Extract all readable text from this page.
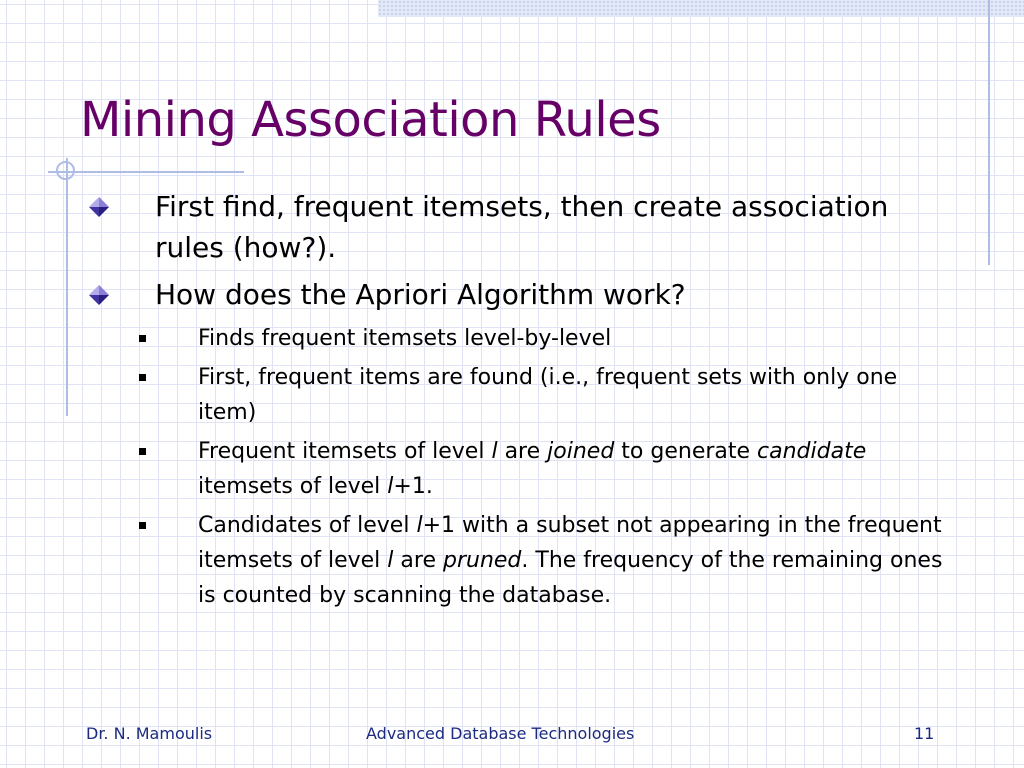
Mining Association Rules
First find, frequent itemsets, then create association rules (how?).
How does the Apriori Algorithm work?
Finds frequent itemsets level-by-level
First, frequent items are found (i.e., frequent sets with only one item)
Frequent itemsets of level l are joined to generate candidate itemsets of level l+1.
Candidates of level l+1 with a subset not appearing in the frequent itemsets of level l are pruned. The frequency of the remaining ones is counted by scanning the database.
Dr. N. Mamoulis	Advanced Database Technologies	11
